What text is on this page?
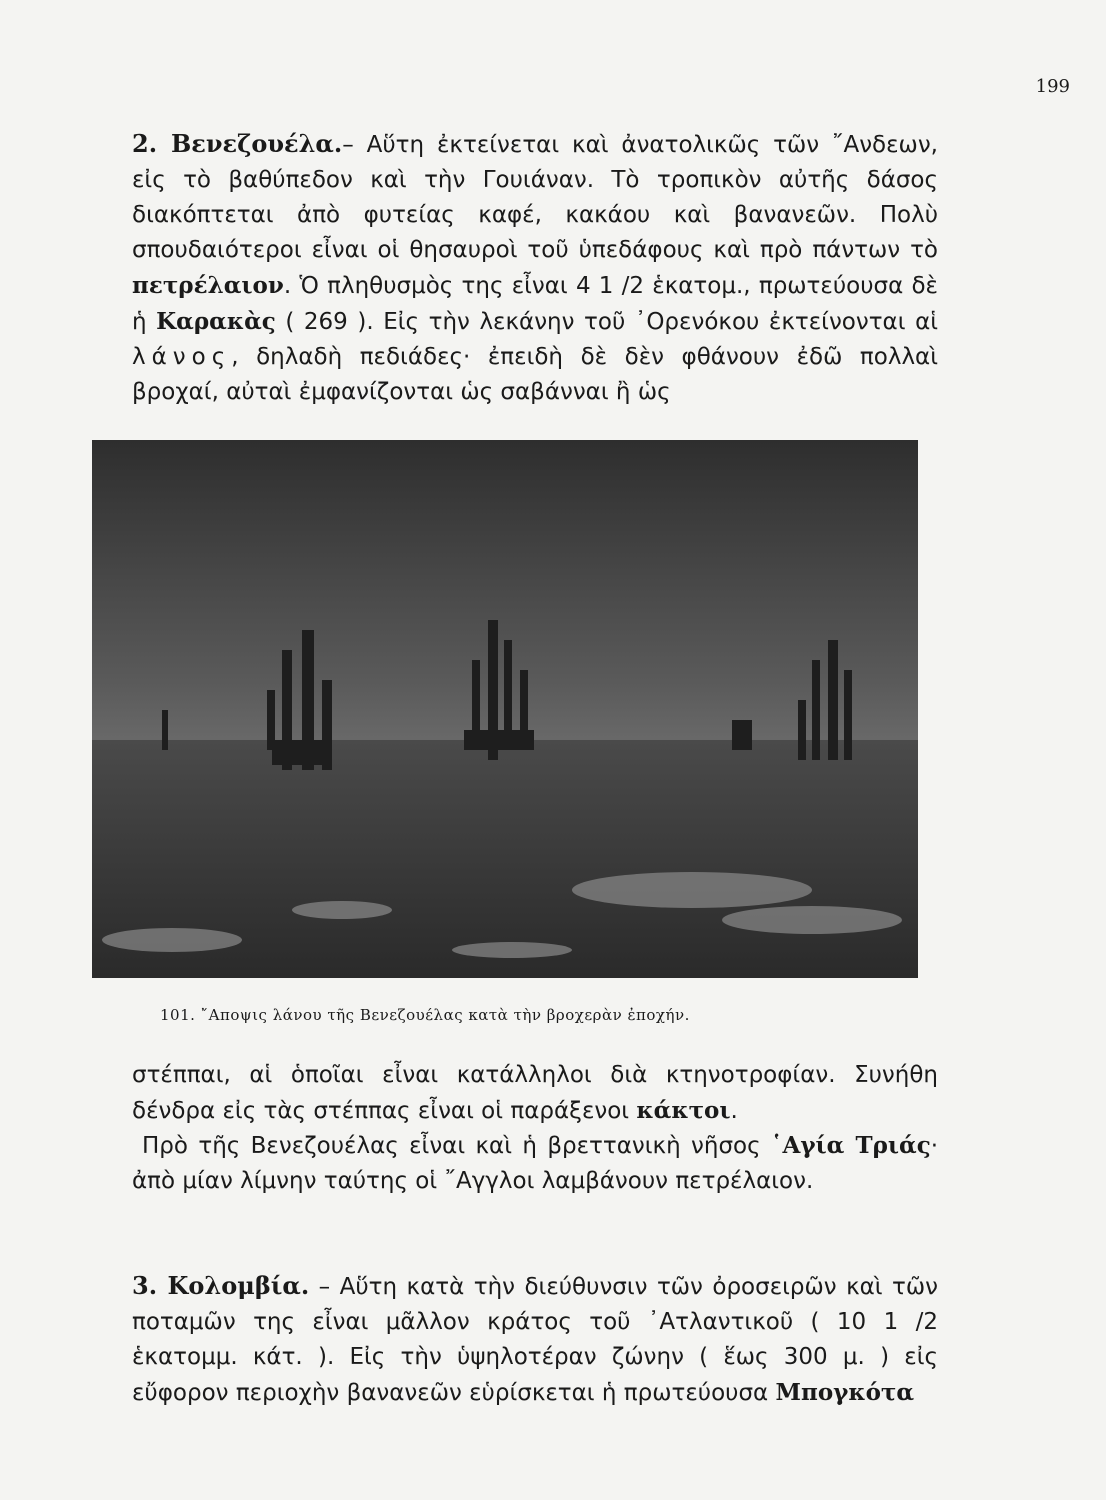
199

2. Βενεζουέλα.– Αὕτη ἐκτείνεται καὶ ἀνατολικῶς τῶν ῎Ανδεων, εἰς τὸ βαθύπεδον καὶ τὴν Γουιάναν. Τὸ τροπικὸν αὐτῆς δάσος διακόπτεται ἀπὸ φυτείας καφέ, κακάου καὶ βανανεῶν. Πολὺ σπουδαιότεροι εἶναι οἱ θησαυροὶ τοῦ ὑπεδάφους καὶ πρὸ πάντων τὸ πετρέλαιον. Ὁ πληθυσμὸς της εἶναι 4 1 /2 ἑκατομ., πρωτεύουσα δὲ ἡ Καρακὰς ( 269 ). Εἰς τὴν λεκάνην τοῦ ᾿Ορενόκου ἐκτείνονται αἱ λάνος, δηλαδὴ πεδιάδες· ἐπειδὴ δὲ δὲν φθάνουν ἐδῶ πολλαὶ βροχαί, αὐταὶ ἐμφανίζονται ὡς σαβάνναι ἢ ὡς

101. ῎Αποψις λάνου τῆς Βενεζουέλας κατὰ τὴν βροχερὰν ἐποχήν.

στέππαι, αἱ ὁποῖαι εἶναι κατάλληλοι διὰ κτηνοτροφίαν. Συνήθη δένδρα εἰς τὰς στέππας εἶναι οἱ παράξενοι κάκτοι.

Πρὸ τῆς Βενεζουέλας εἶναι καὶ ἡ βρεττανικὴ νῆσος ῾Αγία Τριάς· ἀπὸ μίαν λίμνην ταύτης οἱ ῎Αγγλοι λαμβάνουν πετρέλαιον.

3. Κολομβία. – Αὕτη κατὰ τὴν διεύθυνσιν τῶν ὀροσειρῶν καὶ τῶν ποταμῶν της εἶναι μᾶλλον κράτος τοῦ ᾿Ατλαντικοῦ ( 10 1 /2 ἑκατομμ. κάτ. ). Εἰς τὴν ὑψηλοτέραν ζώνην ( ἕως 300 μ. ) εἰς εὔφορον περιοχὴν βανανεῶν εὑρίσκεται ἡ πρωτεύουσα Μπογκότα
